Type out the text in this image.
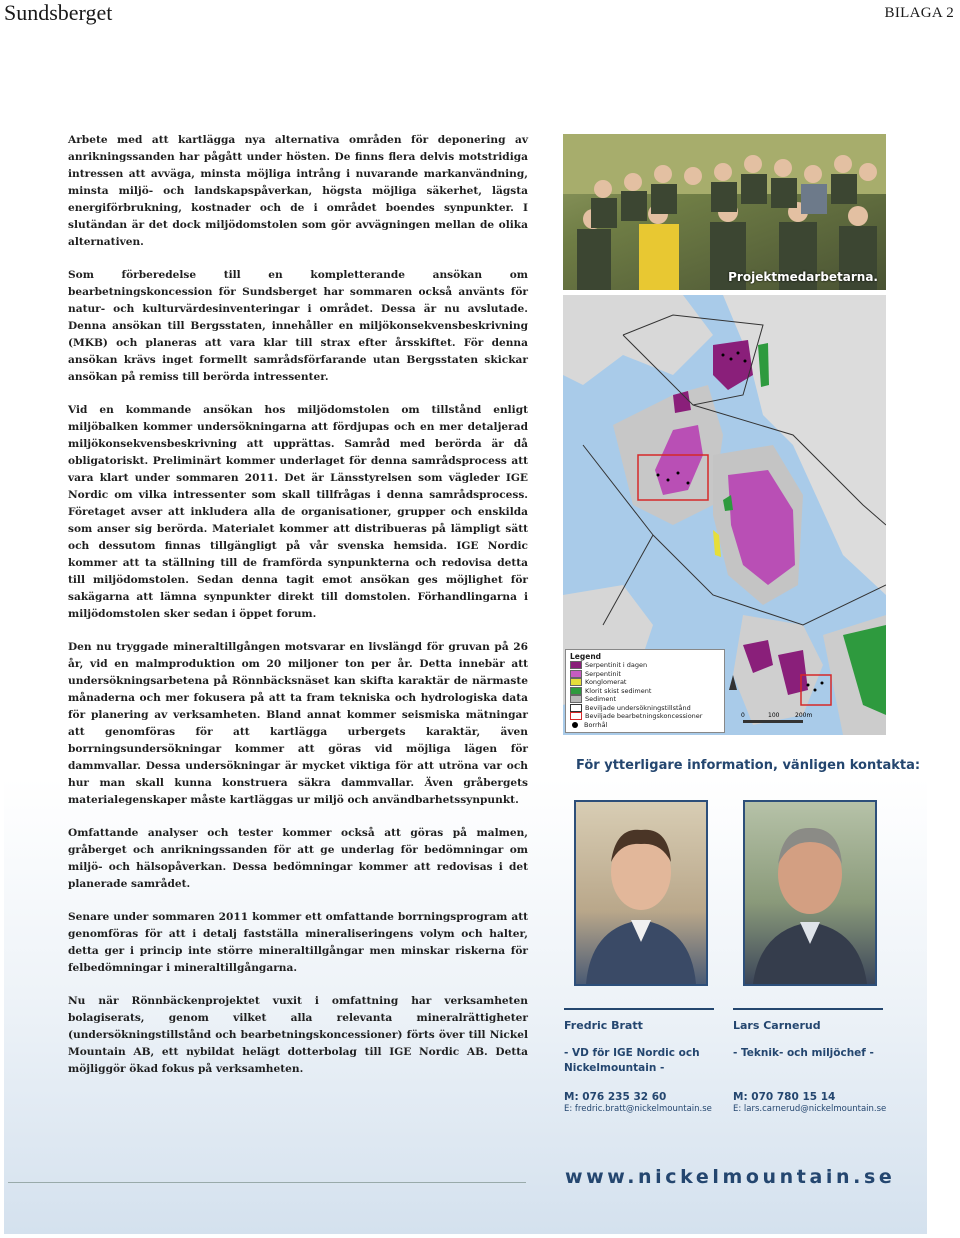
Sundsberget	BILAGA 2

Arbete med att kartlägga nya alternativa områden för deponering av anrikningssanden har pågått under hösten. De finns flera delvis motstridiga intressen att avväga, minsta möjliga intrång i nuvarande markanvändning, minsta miljö- och landskapspåverkan, högsta möjliga säkerhet, lägsta energiförbrukning, kostnader och de i området boendes synpunkter. I slutändan är det dock miljödomstolen som gör avvägningen mellan de olika alternativen.

Som förberedelse till en kompletterande ansökan om bearbetningskoncession för Sundsberget har sommaren också använts för natur- och kulturvärdesinventeringar i området. Dessa är nu avslutade. Denna ansökan till Bergsstaten, innehåller en miljökonsekvensbeskrivning (MKB) och planeras att vara klar till strax efter årsskiftet. För denna ansökan krävs inget formellt samrådsförfarande utan Bergsstaten skickar ansökan på remiss till berörda intressenter.

Vid en kommande ansökan hos miljödomstolen om tillstånd enligt miljöbalken kommer undersökningarna att fördjupas och en mer detaljerad miljökonsekvensbeskrivning att upprättas. Samråd med berörda är då obligatoriskt. Preliminärt kommer underlaget för denna samrådsprocess att vara klart under sommaren 2011. Det är Länsstyrelsen som vägleder IGE Nordic om vilka intressenter som skall tillfrågas i denna samrådsprocess. Företaget avser att inkludera alla de organisationer, grupper och enskilda som anser sig berörda. Materialet kommer att distribueras på lämpligt sätt och dessutom finnas tillgängligt på vår svenska hemsida. IGE Nordic kommer att ta ställning till de framförda synpunkterna och redovisa detta till miljödomstolen. Sedan denna tagit emot ansökan ges möjlighet för sakägarna att lämna synpunkter direkt till domstolen. Förhandlingarna i miljödomstolen sker sedan i öppet forum.

Den nu tryggade mineraltillgången motsvarar en livslängd för gruvan på 26 år, vid en malmproduktion om 20 miljoner ton per år. Detta innebär att undersökningsarbetena på Rönnbäcksnäset kan skifta karaktär de närmaste månaderna och mer fokusera på att ta fram tekniska och hydrologiska data för planering av verksamheten. Bland annat kommer seismiska mätningar att genomföras för att kartlägga urbergets karaktär, även borrningsundersökningar kommer att göras vid möjliga lägen för dammvallar. Dessa undersökningar är mycket viktiga för att utröna var och hur man skall kunna konstruera säkra dammvallar. Även gråbergets materialegenskaper måste kartläggas ur miljö och användbarhetssynpunkt.

Omfattande analyser och tester kommer också att göras på malmen, gråberget och anrikningssanden för att ge underlag för bedömningar om miljö- och hälsopåverkan. Dessa bedömningar kommer att redovisas i det planerade samrådet.

Senare under sommaren 2011 kommer ett omfattande borrningsprogram att genomföras för att i detalj fastställa mineraliseringens volym och halter, detta ger i princip inte större mineraltillgångar men minskar riskerna för felbedömningar i mineraltillgångarna.

Nu när Rönnbäckenprojektet vuxit i omfattning har verksamheten bolagiserats, genom vilket alla relevanta mineralrättigheter (undersökningstillstånd och bearbetningskoncessioner) förts över till Nickel Mountain AB, ett nybildat helägt dotterbolag till IGE Nordic AB. Detta möjliggör ökad fokus på verksamheten.

Projektmedarbetarna.
0	100	200m
Legend
Serpentinit i dagen
Serpentinit
Konglomerat
Klorit skist sediment
Sediment
Beviljade undersökningstillstånd
Beviljade bearbetningskoncessioner
Borrhål
För ytterligare information, vänligen kontakta:
Fredric Bratt
- VD för IGE Nordic och Nickelmountain -
M: 076 235 32 60
E: fredric.bratt@nickelmountain.se
Lars Carnerud
- Teknik- och miljöchef -
M: 070 780 15 14
E: lars.carnerud@nickelmountain.se
www.nickelmountain.se
